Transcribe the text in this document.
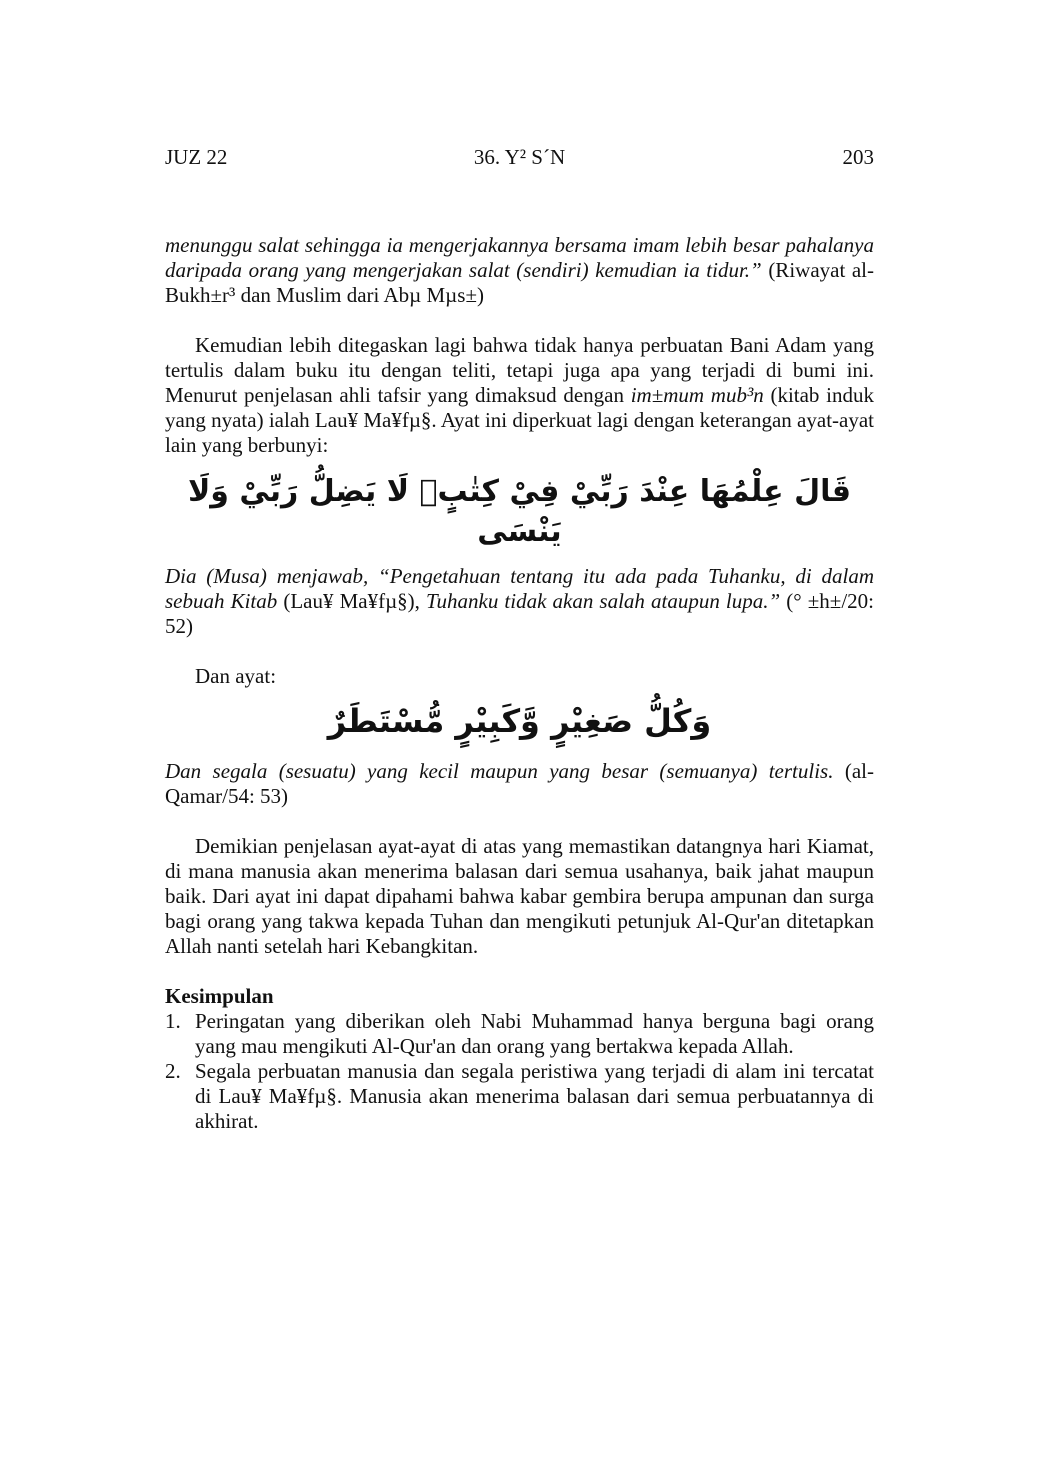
JUZ 22	36. Y² S´N	203

menunggu salat sehingga ia mengerjakannya bersama imam lebih besar pahalanya daripada orang yang mengerjakan salat (sendiri) kemudian ia tidur.” (Riwayat al-Bukh±r³ dan Muslim dari Abµ Mµs±)

Kemudian lebih ditegaskan lagi bahwa tidak hanya perbuatan Bani Adam yang tertulis dalam buku itu dengan teliti, tetapi juga apa yang terjadi di bumi ini. Menurut penjelasan ahli tafsir yang dimaksud dengan im±mum mub³n (kitab induk yang nyata) ialah Lau¥ Ma¥fµ§. Ayat ini diperkuat lagi dengan keterangan ayat-ayat lain yang berbunyi:

قَالَ عِلْمُهَا عِنْدَ رَبِّيْ فِيْ كِتٰبٍۚ لَا يَضِلُّ رَبِّيْ وَلَا يَنْسَى

Dia (Musa) menjawab, “Pengetahuan tentang itu ada pada Tuhanku, di dalam sebuah Kitab (Lau¥ Ma¥fµ§), Tuhanku tidak akan salah ataupun lupa.” (° ±h±/20: 52)

Dan ayat:

وَكُلُّ صَغِيْرٍ وَّكَبِيْرٍ مُّسْتَطَرٌ

Dan segala (sesuatu) yang kecil maupun yang besar (semuanya) tertulis. (al-Qamar/54: 53)

Demikian penjelasan ayat-ayat di atas yang memastikan datangnya hari Kiamat, di mana manusia akan menerima balasan dari semua usahanya, baik jahat maupun baik. Dari ayat ini dapat dipahami bahwa kabar gembira berupa ampunan dan surga bagi orang yang takwa kepada Tuhan dan mengikuti petunjuk Al-Qur'an ditetapkan Allah nanti setelah hari Kebangkitan.

Kesimpulan

1. Peringatan yang diberikan oleh Nabi Muhammad hanya berguna bagi orang yang mau mengikuti Al-Qur'an dan orang yang bertakwa kepada Allah.
2. Segala perbuatan manusia dan segala peristiwa yang terjadi di alam ini tercatat di Lau¥ Ma¥fµ§. Manusia akan menerima balasan dari semua perbuatannya di akhirat.
